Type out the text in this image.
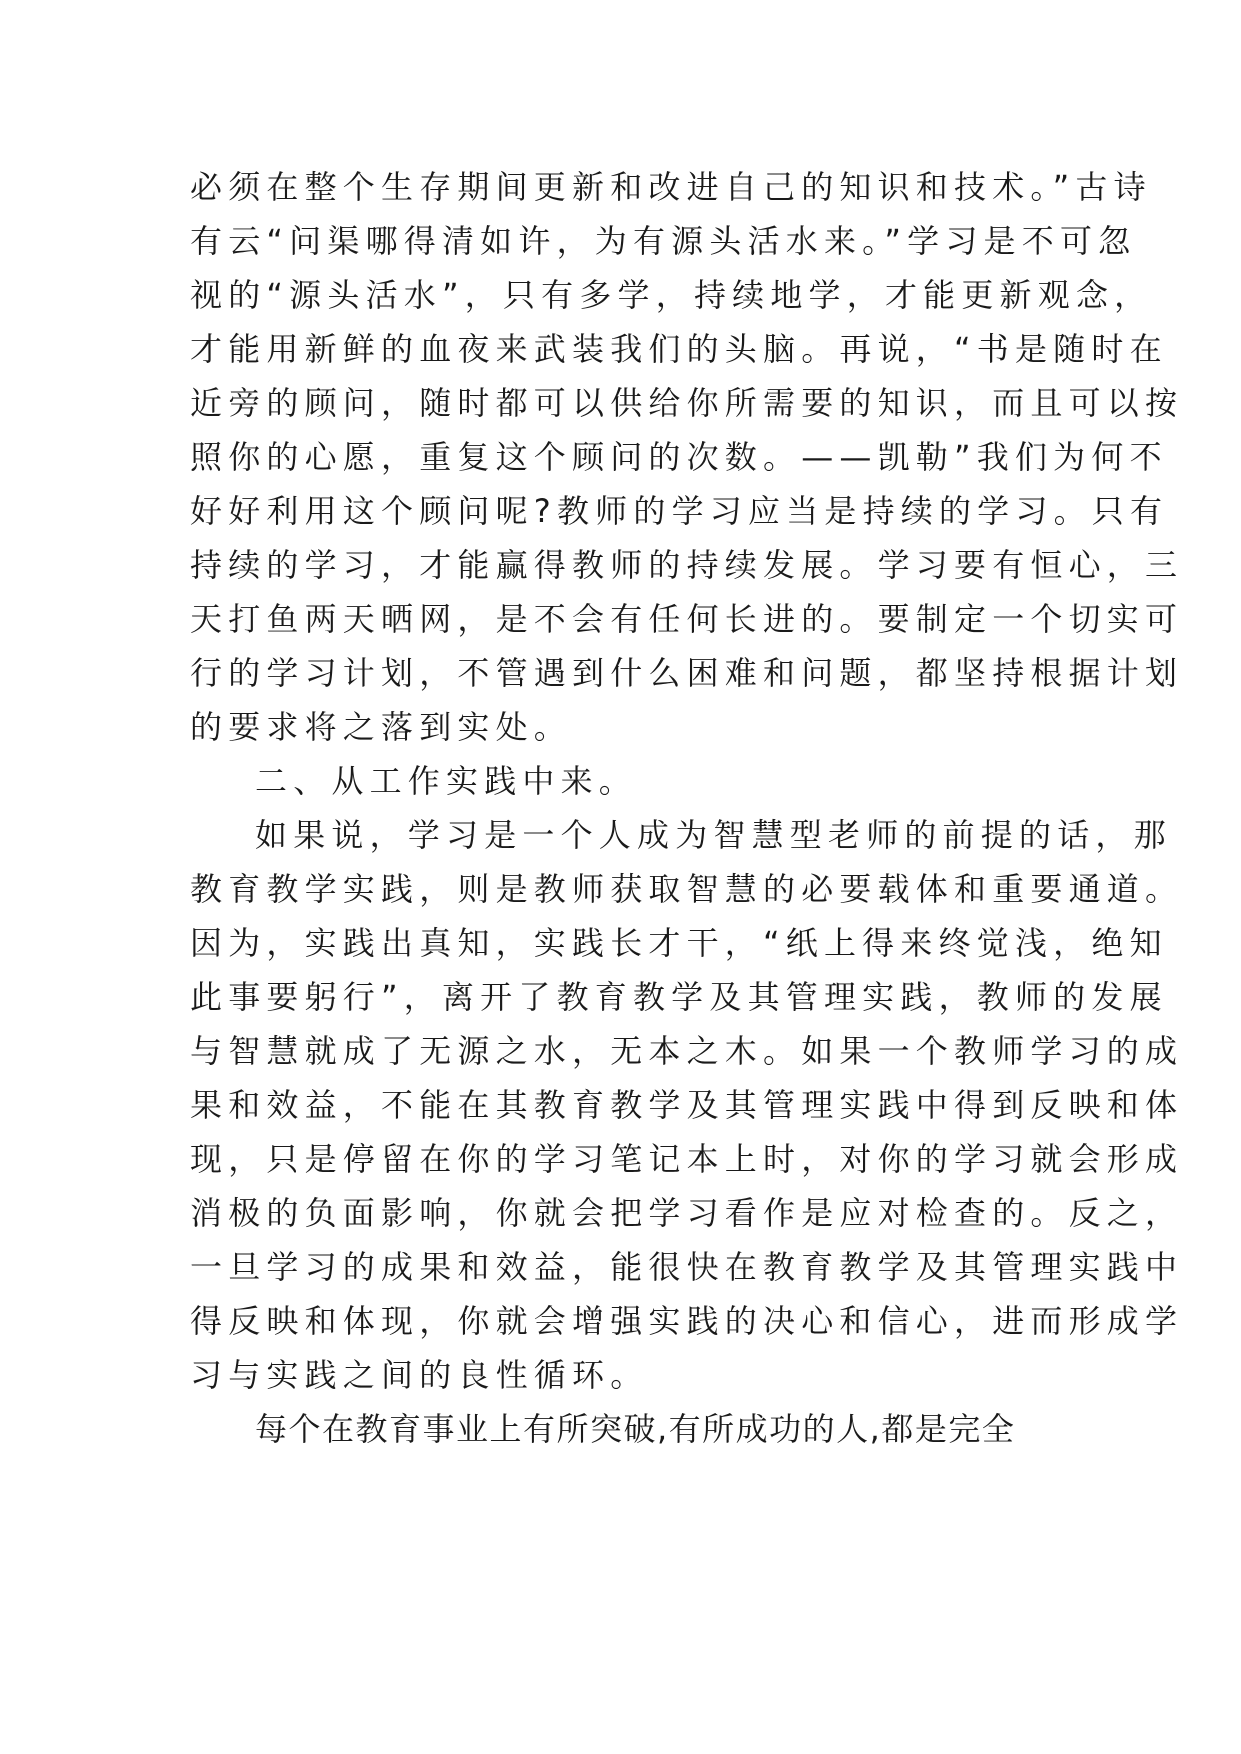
必须在整个生存期间更新和改进自己的知识和技术。”古诗
有云“问渠哪得清如许，为有源头活水来。”学习是不可忽
视的“源头活水”，只有多学，持续地学，才能更新观念，
才能用新鲜的血夜来武装我们的头脑。再说，“书是随时在
近旁的顾问，随时都可以供给你所需要的知识，而且可以按
照你的心愿，重复这个顾问的次数。——凯勒”我们为何不
好好利用这个顾问呢?教师的学习应当是持续的学习。只有
持续的学习，才能赢得教师的持续发展。学习要有恒心，三
天打鱼两天晒网，是不会有任何长进的。要制定一个切实可
行的学习计划，不管遇到什么困难和问题，都坚持根据计划
的要求将之落到实处。
二、从工作实践中来。
如果说，学习是一个人成为智慧型老师的前提的话，那
教育教学实践，则是教师获取智慧的必要载体和重要通道。
因为，实践出真知，实践长才干，“纸上得来终觉浅，绝知
此事要躬行”，离开了教育教学及其管理实践，教师的发展
与智慧就成了无源之水，无本之木。如果一个教师学习的成
果和效益，不能在其教育教学及其管理实践中得到反映和体
现，只是停留在你的学习笔记本上时，对你的学习就会形成
消极的负面影响，你就会把学习看作是应对检查的。反之，
一旦学习的成果和效益，能很快在教育教学及其管理实践中
得反映和体现，你就会增强实践的决心和信心，进而形成学
习与实践之间的良性循环。
每个在教育事业上有所突破,有所成功的人,都是完全
